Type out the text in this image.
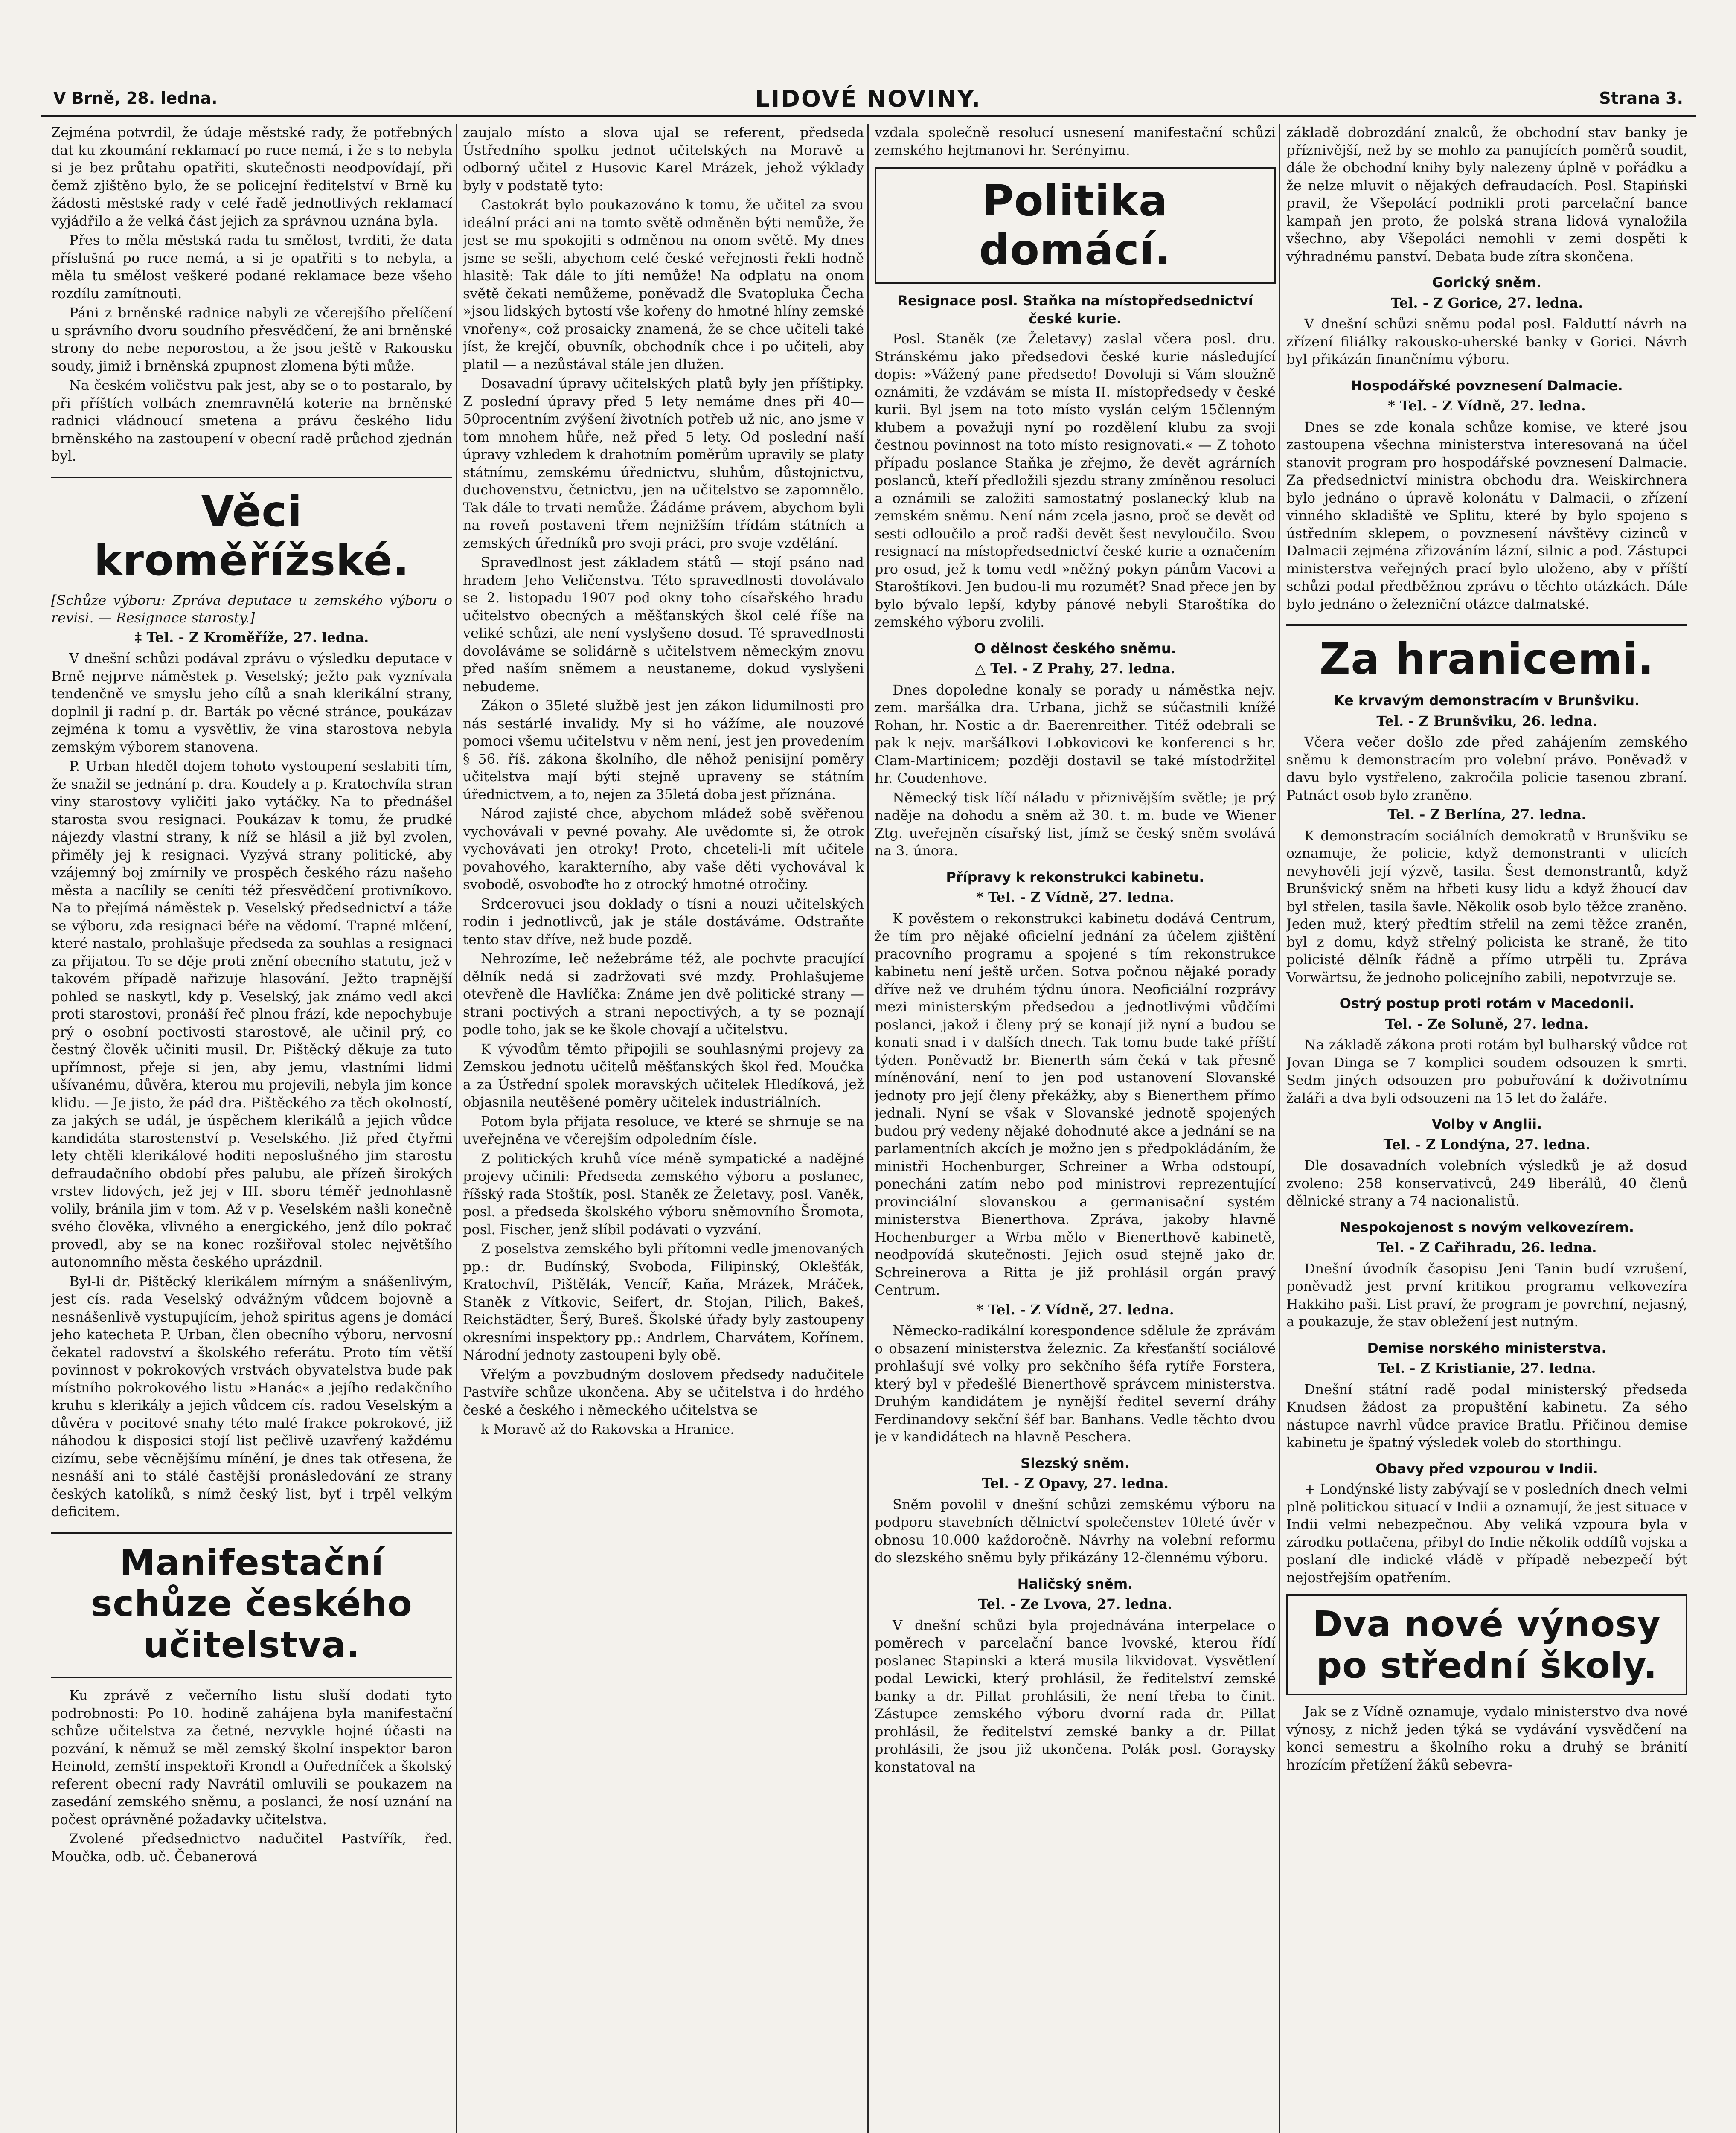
V Brně, 28. ledna.	LIDOVÉ NOVINY.	Strana 3.

Zejména potvrdil, že údaje městské rady, že potřebných dat ku zkoumání reklamací po ruce nemá, i že s to nebyla si je bez průtahu opatřiti, skutečnosti neodpovídají, při čemž zjištěno bylo, že se policejní ředitelství v Brně ku žádosti městské rady v celé řadě jednotlivých reklamací vyjádřilo a že velká část jejich za správnou uznána byla.

Přes to měla městská rada tu smělost, tvrditi, že data příslušná po ruce nemá, a si je opatřiti s to nebyla, a měla tu smělost veškeré podané reklamace beze všeho rozdílu zamítnouti.

Páni z brněnské radnice nabyli ze včerejšího přelíčení u správního dvoru soudního přesvědčení, že ani brněnské strony do nebe neporostou, a že jsou ještě v Rakousku soudy, jimiž i brněnská zpupnost zlomena býti může.

Na českém voličstvu pak jest, aby se o to postaralo, by při příštích volbách znemravnělá koterie na brněnské radnici vládnoucí smetena a právu českého lidu brněnského na zastoupení v obecní radě průchod zjednán byl.

Věci kroměřížské.

[Schůze výboru: Zpráva deputace u zemského výboru o revisi. — Resignace starosty.]

‡ Tel. - Z Kroměříže, 27. ledna.

V dnešní schůzi podával zprávu o výsledku deputace v Brně nejprve náměstek p. Veselský; ježto pak vyznívala tendenčně ve smyslu jeho cílů a snah klerikální strany, doplnil ji radní p. dr. Barták po věcné stránce, poukázav zejména k tomu a vysvětliv, že vina starostova nebyla zemským výborem stanovena.

P. Urban hleděl dojem tohoto vystoupení seslabiti tím, že snažil se jednání p. dra. Koudely a p. Kratochvíla stran viny starostovy vyličiti jako vytáčky. Na to přednášel starosta svou resignaci. Poukázav k tomu, že prudké nájezdy vlastní strany, k níž se hlásil a již byl zvolen, přiměly jej k resignaci. Vyzývá strany politické, aby vzájemný boj zmírnily ve prospěch českého rázu našeho města a nacílily se ceníti též přesvědčení protivníkovo. Na to přejímá náměstek p. Veselský předsednictví a táže se výboru, zda resignaci béře na vědomí. Trapné mlčení, které nastalo, prohlašuje předseda za souhlas a resignaci za přijatou. To se děje proti znění obecního statutu, jež v takovém případě nařizuje hlasování. Ježto trapnější pohled se naskytl, kdy p. Veselský, jak známo vedl akci proti starostovi, pronáší řeč plnou frází, kde nepochybuje prý o osobní poctivosti starostově, ale učinil prý, co čestný člověk učiniti musil. Dr. Pištěcký děkuje za tuto upřímnost, přeje si jen, aby jemu, vlastními lidmi ušívanému, důvěra, kterou mu projevili, nebyla jim konce klidu. — Je jisto, že pád dra. Pištěckého za těch okolností, za jakých se udál, je úspěchem klerikálů a jejich vůdce kandidáta starostenství p. Veselského. Již před čtyřmi lety chtěli klerikálové hoditi neposlušného jim starostu defraudačního období přes palubu, ale přízeň širokých vrstev lidových, jež jej v III. sboru téměř jednohlasně volily, bránila jim v tom. Až v p. Veselském našli konečně svého člověka, vlivného a energického, jenž dílo pokrač provedl, aby se na konec rozšiřoval stolec největšího autonomního města českého uprázdnil.

Byl-li dr. Pištěcký klerikálem mírným a snášenlivým, jest cís. rada Veselský odvážným vůdcem bojovně a nesnášenlivě vystupujícím, jehož spiritus agens je domácí jeho katecheta P. Urban, člen obecního výboru, nervosní čekatel radovství a školského referátu. Proto tím větší povinnost v pokrokových vrstvách obyvatelstva bude pak místního pokrokového listu »Hanác« a jejího redakčního kruhu s klerikály a jejich vůdcem cís. radou Veselským a důvěra v pocitové snahy této malé frakce pokrokové, již náhodou k disposici stojí list pečlivě uzavřený každému cizímu, sebe věcnějšímu mínění, je dnes tak otřesena, že nesnáší ani to stálé častější pronásledování ze strany českých katolíků, s nímž český list, byť i trpěl velkým deficitem.

Manifestační schůze českého učitelstva.

Ku zprávě z večerního listu sluší dodati tyto podrobnosti: Po 10. hodině zahájena byla manifestační schůze učitelstva za četné, nezvykle hojné účasti na pozvání, k němuž se měl zemský školní inspektor baron Heinold, zemští inspektoři Krondl a Ouředníček a školský referent obecní rady Navrátil omluvili se poukazem na zasedání zemského sněmu, a poslanci, že nosí uznání na počest oprávněné požadavky učitelstva.

Zvolené předsednictvo nadučitel Pastvířík, řed. Moučka, odb. uč. Čebanerová

zaujalo místo a slova ujal se referent, předseda Ústředního spolku jednot učitelských na Moravě a odborný učitel z Husovic Karel Mrázek, jehož výklady byly v podstatě tyto:

Castokrát bylo poukazováno k tomu, že učitel za svou ideální práci ani na tomto světě odměněn býti nemůže, že jest se mu spokojiti s odměnou na onom světě. My dnes jsme se sešli, abychom celé české veřejnosti řekli hodně hlasitě: Tak dále to jíti nemůže! Na odplatu na onom světě čekati nemůžeme, poněvadž dle Svatopluka Čecha »jsou lidských bytostí vše kořeny do hmotné hlíny zemské vnořeny«, což prosaicky znamená, že se chce učiteli také jíst, že krejčí, obuvník, obchodník chce i po učiteli, aby platil — a nezůstával stále jen dlužen.

Dosavadní úpravy učitelských platů byly jen příštipky. Z poslední úpravy před 5 lety nemáme dnes při 40—50procentním zvýšení životních potřeb už nic, ano jsme v tom mnohem hůře, než před 5 lety. Od poslední naší úpravy vzhledem k drahotním poměrům upravily se platy státnímu, zemskému úřednictvu, sluhům, důstojnictvu, duchovenstvu, četnictvu, jen na učitelstvo se zapomnělo. Tak dále to trvati nemůže. Žádáme právem, abychom byli na roveň postaveni třem nejnižším třídám státních a zemských úředníků pro svoji práci, pro svoje vzdělání.

Spravedlnost jest základem států — stojí psáno nad hradem Jeho Veličenstva. Této spravedlnosti dovolávalo se 2. listopadu 1907 pod okny toho císařského hradu učitelstvo obecných a měšťanských škol celé říše na veliké schůzi, ale není vyslyšeno dosud. Té spravedlnosti dovoláváme se solidárně s učitelstvem německým znovu před naším sněmem a neustaneme, dokud vyslyšeni nebudeme.

Zákon o 35leté službě jest jen zákon lidumilnosti pro nás sestárlé invalidy. My si ho vážíme, ale nouzové pomoci všemu učitelstvu v něm není, jest jen provedením § 56. říš. zákona školního, dle něhož penisijní poměry učitelstva mají býti stejně upraveny se státním úřednictvem, a to, nejen za 35letá doba jest příznána.

Národ zajisté chce, abychom mládež sobě svěřenou vychovávali v pevné povahy. Ale uvědomte si, že otrok vychovávati jen otroky! Proto, chceteli-li mít učitele povahového, karakterního, aby vaše děti vychovával k svobodě, osvoboďte ho z otrocký hmotné otročiny.

Srdcerovuci jsou doklady o tísni a nouzi učitelských rodin i jednotlivců, jak je stále dostáváme. Odstraňte tento stav dříve, než bude pozdě.

Nehrozíme, leč nežebráme též, ale pochvte pracující dělník nedá si zadržovati své mzdy. Prohlašujeme otevřeně dle Havlíčka: Známe jen dvě politické strany — strani poctivých a strani nepoctivých, a ty se poznají podle toho, jak se ke škole chovají a učitelstvu.

K vývodům těmto připojili se souhlasnými projevy za Zemskou jednotu učitelů měšťanských škol řed. Moučka a za Ústřední spolek moravských učitelek Hledíková, jež objasnila neutěšené poměry učitelek industriálních.

Potom byla přijata resoluce, ve které se shrnuje se na uveřejněna ve včerejším odpoledním čísle.

Z politických kruhů více méně sympatické a nadějné projevy učinili: Předseda zemského výboru a poslanec, říšský rada Stoštík, posl. Staněk ze Želetavy, posl. Vaněk, posl. a předseda školského výboru sněmovního Šromota, posl. Fischer, jenž slíbil podávati o vyzvání.

Z poselstva zemského byli přítomni vedle jmenovaných pp.: dr. Budínský, Svoboda, Filipinský, Oklešťák, Kratochvíl, Pištělák, Vencíř, Kaňa, Mrázek, Mráček, Staněk z Vítkovic, Seifert, dr. Stojan, Pilich, Bakeš, Reichstädter, Šerý, Bureš. Školské úřady byly zastoupeny okresními inspektory pp.: Andrlem, Charvátem, Kořínem. Národní jednoty zastoupeni byly obě.

Vřelým a povzbudným doslovem předsedy nadučitele Pastvíře schůze ukončena. Aby se učitelstva i do hrdého české a českého i německého učitelstva se

k Moravě až do Rakovska a Hranice.

vzdala společně resolucí usnesení manifestační schůzi zemského hejtmanovi hr. Serényimu.

Politika domácí.
Resignace posl. Staňka na místopředsednictví české kurie.

Posl. Staněk (ze Želetavy) zaslal včera posl. dru. Stránskému jako předsedovi české kurie následující dopis: »Vážený pane předsedo! Dovoluji si Vám sloužně oznámiti, že vzdávám se místa II. místopředsedy v české kurii. Byl jsem na toto místo vyslán celým 15členným klubem a považuji nyní po rozdělení klubu za svoji čestnou povinnost na toto místo resignovati.« — Z tohoto případu poslance Staňka je zřejmo, že devět agrárních poslanců, kteří předložili sjezdu strany zmíněnou resoluci a oznámili se založiti samostatný poslanecký klub na zemském sněmu. Není nám zcela jasno, proč se devět od sesti odloučilo a proč radši devět šest nevyloučilo. Svou resignací na místopředsednictví české kurie a označením pro osud, jež k tomu vedl »něžný pokyn pánům Vacovi a Staroštíkovi. Jen budou-li mu rozumět? Snad přece jen by bylo bývalo lepší, kdyby pánové nebyli Staroštíka do zemského výboru zvolili.

O dělnost českého sněmu.
△ Tel. - Z Prahy, 27. ledna.

Dnes dopoledne konaly se porady u náměstka nejv. zem. maršálka dra. Urbana, jichž se súčastnili knížé Rohan, hr. Nostic a dr. Baerenreither. Titéž odebrali se pak k nejv. maršálkovi Lobkovicovi ke konferenci s hr. Clam-Martinicem; později dostavil se také místodržitel hr. Coudenhove.

Německý tisk líčí náladu v přiznivějším světle; je prý naděje na dohodu a sněm až 30. t. m. bude ve Wiener Ztg. uveřejněn císařský list, jímž se český sněm svolává na 3. února.

Přípravy k rekonstrukci kabinetu.
* Tel. - Z Vídně, 27. ledna.

K pověstem o rekonstrukci kabinetu dodává Centrum, že tím pro nějaké oficielní jednání za účelem zjištění pracovního programu a spojené s tím rekonstrukce kabinetu není ještě určen. Sotva počnou nějaké porady dříve než ve druhém týdnu února. Neoficiální rozprávy mezi ministerským předsedou a jednotlivými vůdčími poslanci, jakož i členy prý se konají již nyní a budou se konati snad i v dalších dnech. Tak tomu bude také příští týden. Poněvadž br. Bienerth sám čeká v tak přesně míněnování, není to jen pod ustanovení Slovanské jednoty pro její členy překážky, aby s Bienerthem přímo jednali. Nyní se však v Slovanské jednotě spojených budou prý vedeny nějaké dohodnuté akce a jednání se na parlamentních akcích je možno jen s předpokládáním, že ministři Hochenburger, Schreiner a Wrba odstoupí, ponecháni zatím nebo pod ministrovi reprezentující provinciální slovanskou a germanisační systém ministerstva Bienerthova. Zpráva, jakoby hlavně Hochenburger a Wrba mělo v Bienerthově kabinetě, neodpovídá skutečnosti. Jejich osud stejně jako dr. Schreinerova a Ritta je již prohlásil orgán pravý Centrum.

* Tel. - Z Vídně, 27. ledna.

Německo-radikální korespondence sdělule že zprávám o obsazení ministerstva železnic. Za křesťanští sociálové prohlašují své volky pro sekčního šéfa rytíře Forstera, který byl v předešlé Bienerthově správcem ministerstva. Druhým kandidátem je nynější ředitel severní dráhy Ferdinandovy sekční šéf bar. Banhans. Vedle těchto dvou je v kandidátech na hlavně Peschera.

Slezský sněm.
Tel. - Z Opavy, 27. ledna.

Sněm povolil v dnešní schůzi zemskému výboru na podporu stavebních dělnictví společenstev 10leté úvěr v obnosu 10.000 každoročně. Návrhy na volební reformu do slezského sněmu byly přikázány 12-člennému výboru.

Haličský sněm.
Tel. - Ze Lvova, 27. ledna.

V dnešní schůzi byla projednávána interpelace o poměrech v parcelační bance lvovské, kterou řídí poslanec Stapinski a která musila likvidovat. Vysvětlení podal Lewicki, který prohlásil, že ředitelství zemské banky a dr. Pillat prohlásili, že není třeba to činit. Zástupce zemského výboru dvorní rada dr. Pillat prohlásil, že ředitelství zemské banky a dr. Pillat prohlásili, že jsou již ukončena. Polák posl. Goraysky konstatoval na

základě dobrozdání znalců, že obchodní stav banky je příznivější, než by se mohlo za panujících poměrů soudit, dále že obchodní knihy byly nalezeny úplně v pořádku a že nelze mluvit o nějakých defraudacích. Posl. Stapiński pravil, že Všepolácí podnikli proti parcelační bance kampaň jen proto, že polská strana lidová vynaložila všechno, aby Všepoláci nemohli v zemi dospěti k výhradnému panství. Debata bude zítra skončena.

Gorický sněm.
Tel. - Z Gorice, 27. ledna.

V dnešní schůzi sněmu podal posl. Falduttí návrh na zřízení filiálky rakousko-uherské banky v Gorici. Návrh byl přikázán finančnímu výboru.

Hospodářské povznesení Dalmacie.
* Tel. - Z Vídně, 27. ledna.

Dnes se zde konala schůze komise, ve které jsou zastoupena všechna ministerstva interesovaná na účel stanovit program pro hospodářské povznesení Dalmacie. Za předsednictví ministra obchodu dra. Weiskirchnera bylo jednáno o úpravě kolonátu v Dalmacii, o zřízení vinného skladiště ve Splitu, které by bylo spojeno s ústředním sklepem, o povznesení návštěvy cizinců v Dalmacii zejména zřizováním lázní, silnic a pod. Zástupci ministerstva veřejných prací bylo uloženo, aby v příští schůzi podal předběžnou zprávu o těchto otázkách. Dále bylo jednáno o železniční otázce dalmatské.

Za hranicemi.
Ke krvavým demonstracím v Brunšviku.
Tel. - Z Brunšviku, 26. ledna.

Včera večer došlo zde před zahájením zemského sněmu k demonstracím pro volební právo. Poněvadž v davu bylo vystřeleno, zakročila policie tasenou zbraní. Patnáct osob bylo zraněno.

Tel. - Z Berlína, 27. ledna.

K demonstracím sociálních demokratů v Brunšviku se oznamuje, že policie, když demonstranti v ulicích nevyhověli její výzvě, tasila. Šest demonstrantů, když Brunšvický sněm na hřbeti kusy lidu a když žhoucí dav byl střelen, tasila šavle. Několik osob bylo těžce zraněno. Jeden muž, který předtím střelil na zemi těžce zraněn, byl z domu, když střelný policista ke straně, že tito policisté dělník řádně a přímo utrpěli tu. Zpráva Vorwärtsu, že jednoho policejního zabili, nepotvrzuje se.

Ostrý postup proti rotám v Macedonii.
Tel. - Ze Soluně, 27. ledna.

Na základě zákona proti rotám byl bulharský vůdce rot Jovan Dinga se 7 komplici soudem odsouzen k smrti. Sedm jiných odsouzen pro pobuřování k doživotnímu žaláři a dva byli odsouzeni na 15 let do žaláře.

Volby v Anglii.
Tel. - Z Londýna, 27. ledna.

Dle dosavadních volebních výsledků je až dosud zvoleno: 258 konservativců, 249 liberálů, 40 členů dělnické strany a 74 nacionalistů.

Nespokojenost s novým velkovezírem.
Tel. - Z Cařihradu, 26. ledna.

Dnešní úvodník časopisu Jeni Tanin budí vzrušení, poněvadž jest první kritikou programu velkovezíra Hakkiho paši. List praví, že program je povrchní, nejasný, a poukazuje, že stav obležení jest nutným.

Demise norského ministerstva.
Tel. - Z Kristianie, 27. ledna.

Dnešní státní radě podal ministerský předseda Knudsen žádost za propuštění kabinetu. Za sého nástupce navrhl vůdce pravice Bratlu. Přičinou demise kabinetu je špatný výsledek voleb do storthingu.

Obavy před vzpourou v Indii.

+ Londýnské listy zabývají se v posledních dnech velmi plně politickou situací v Indii a oznamují, že jest situace v Indii velmi nebezpečnou. Aby veliká vzpoura byla v zárodku potlačena, přibyl do Indie několik oddílů vojska a poslaní dle indické vládě v případě nebezpečí být nejostřejším opatřením.

Dva nové výnosy po střední školy.

Jak se z Vídně oznamuje, vydalo ministerstvo dva nové výnosy, z nichž jeden týká se vydávání vysvědčení na konci semestru a školního roku a druhý se bránití hrozícím přetížení žáků sebevra-
